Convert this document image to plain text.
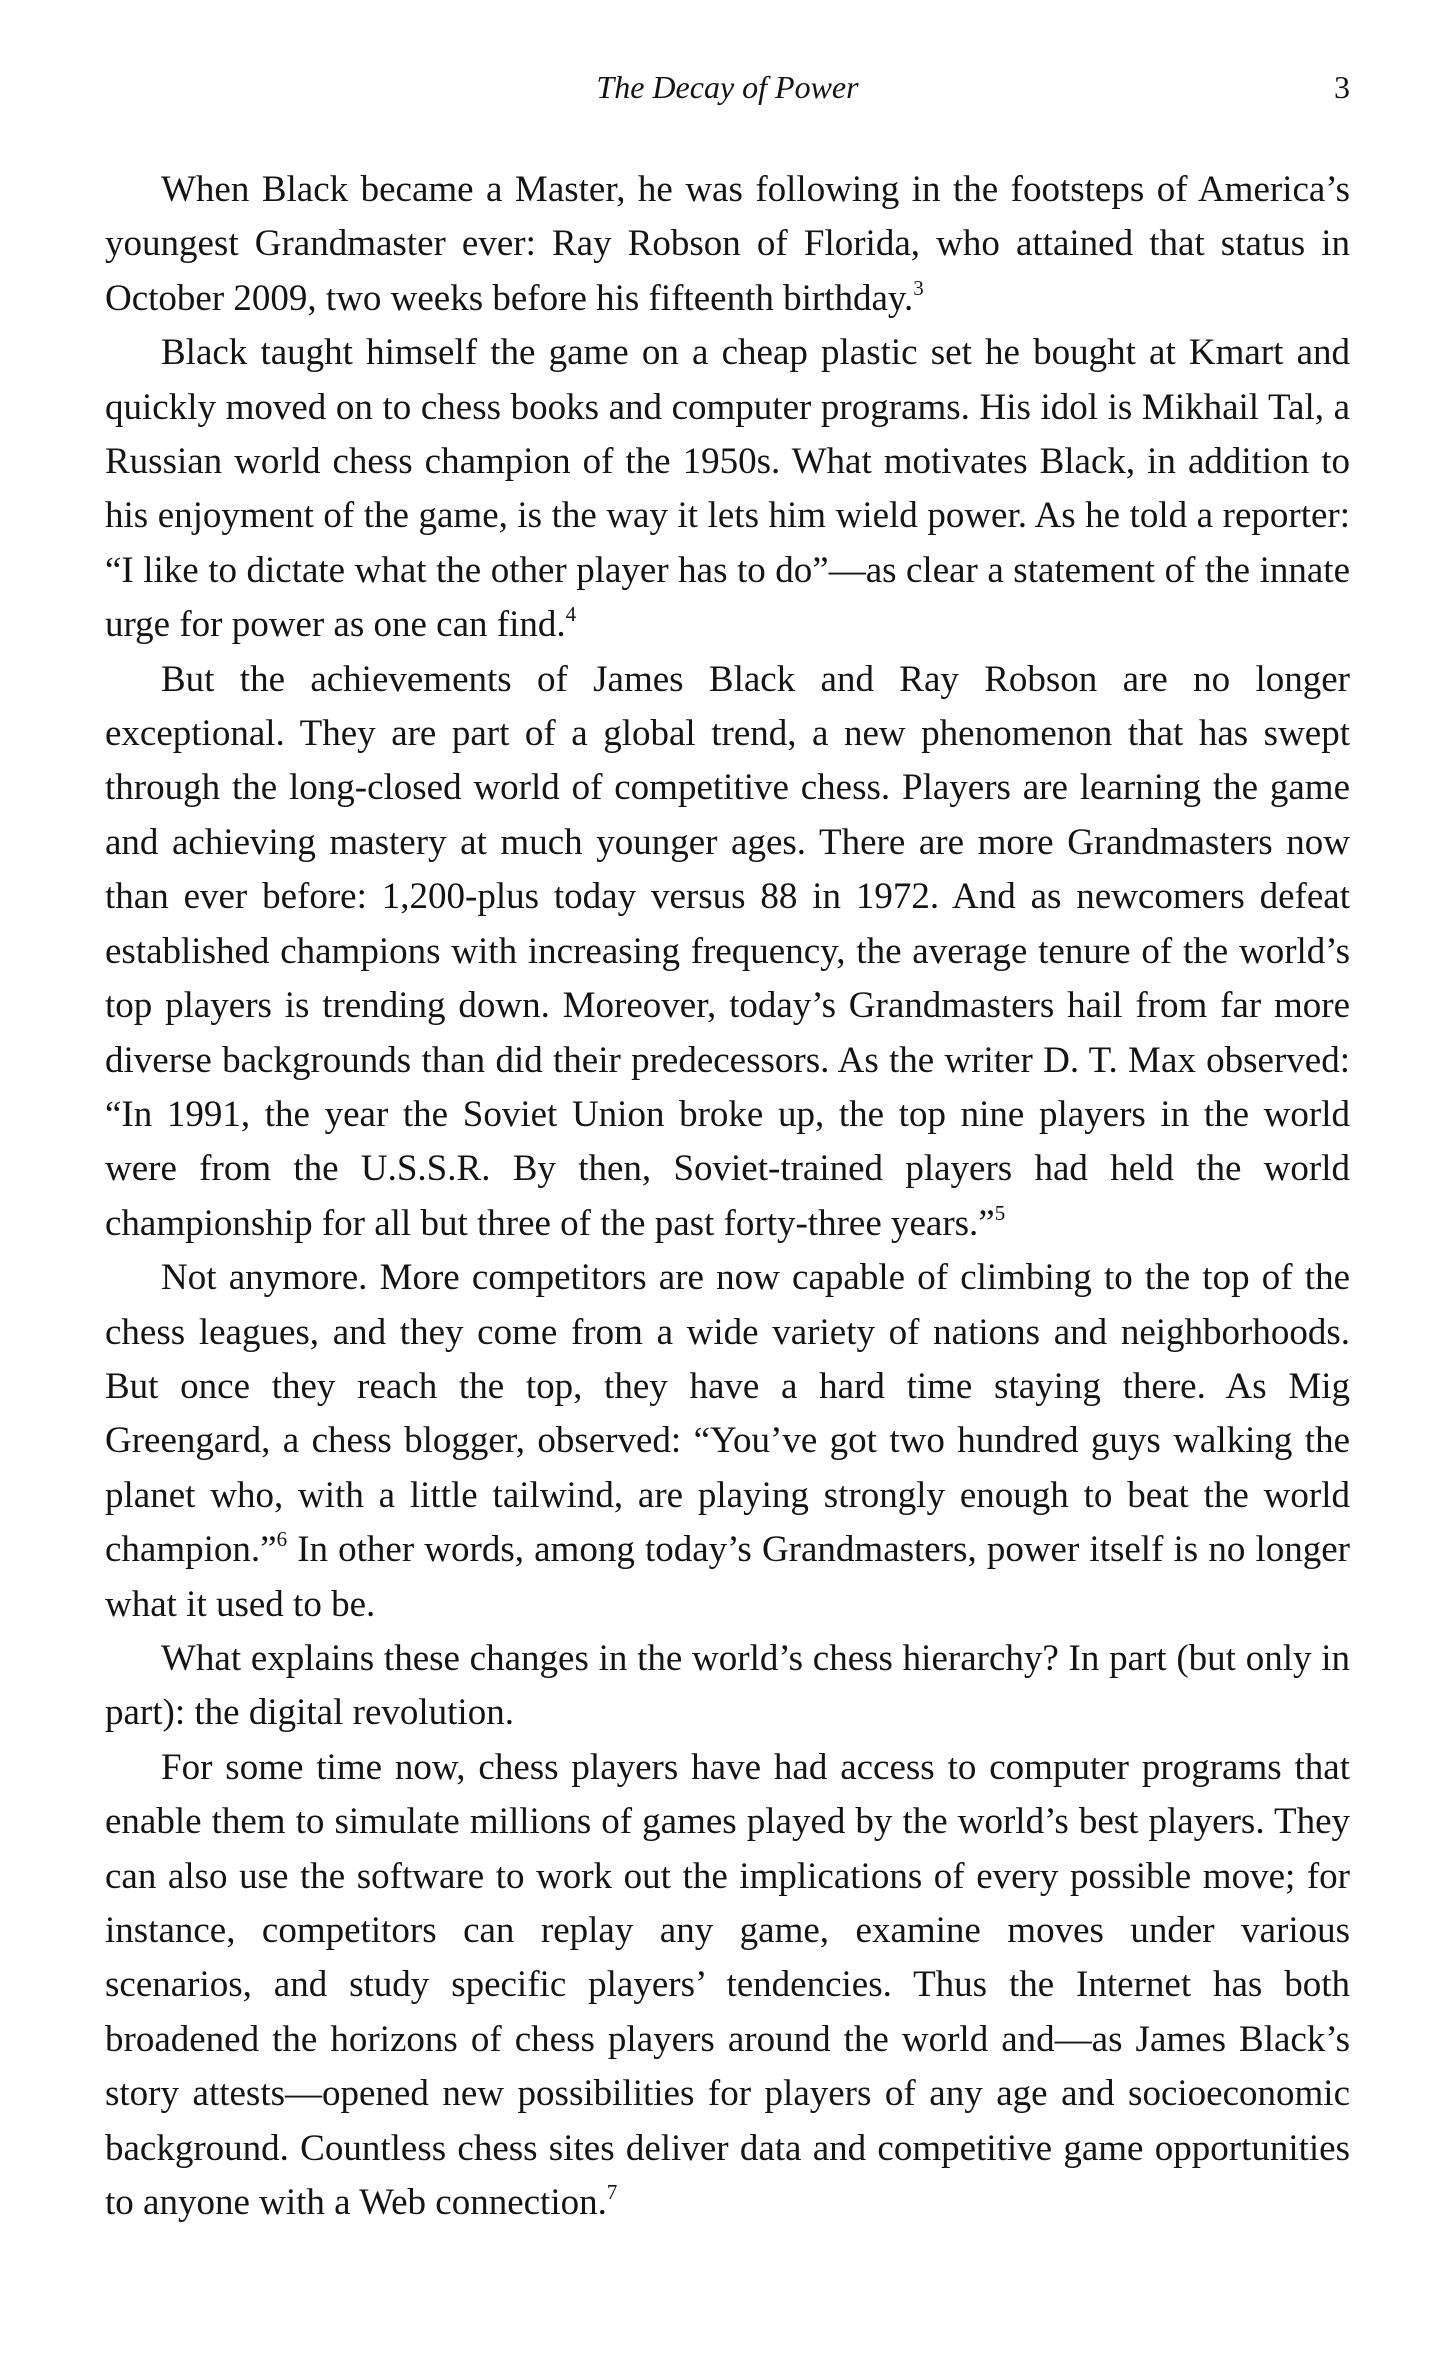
The Decay of Power	3

When Black became a Master, he was following in the footsteps of America’s youngest Grandmaster ever: Ray Robson of Florida, who attained that status in October 2009, two weeks before his fifteenth birthday.$^3$

Black taught himself the game on a cheap plastic set he bought at Kmart and quickly moved on to chess books and computer programs. His idol is Mikhail Tal, a Russian world chess champion of the 1950s. What motivates Black, in addition to his enjoyment of the game, is the way it lets him wield power. As he told a reporter: “I like to dictate what the other player has to do”—as clear a statement of the innate urge for power as one can find.$^4$

But the achievements of James Black and Ray Robson are no longer exceptional. They are part of a global trend, a new phenomenon that has swept through the long-closed world of competitive chess. Players are learning the game and achieving mastery at much younger ages. There are more Grandmasters now than ever before: 1,200-plus today versus 88 in 1972. And as newcomers defeat established champions with increasing frequency, the average tenure of the world’s top players is trending down. Moreover, today’s Grandmasters hail from far more diverse backgrounds than did their predecessors. As the writer D. T. Max observed: “In 1991, the year the Soviet Union broke up, the top nine players in the world were from the U.S.S.R. By then, Soviet-trained players had held the world championship for all but three of the past forty-three years.”$^5$

Not anymore. More competitors are now capable of climbing to the top of the chess leagues, and they come from a wide variety of nations and neighborhoods. But once they reach the top, they have a hard time staying there. As Mig Greengard, a chess blogger, observed: “You’ve got two hundred guys walking the planet who, with a little tailwind, are playing strongly enough to beat the world champion.”$^6$ In other words, among today’s Grandmasters, power itself is no longer what it used to be.

What explains these changes in the world’s chess hierarchy? In part (but only in part): the digital revolution.

For some time now, chess players have had access to computer programs that enable them to simulate millions of games played by the world’s best players. They can also use the software to work out the implications of every possible move; for instance, competitors can replay any game, examine moves under various scenarios, and study specific players’ tendencies. Thus the Internet has both broadened the horizons of chess players around the world and—as James Black’s story attests—opened new possibilities for players of any age and socioeconomic background. Countless chess sites deliver data and competitive game opportunities to anyone with a Web connection.$^7$
